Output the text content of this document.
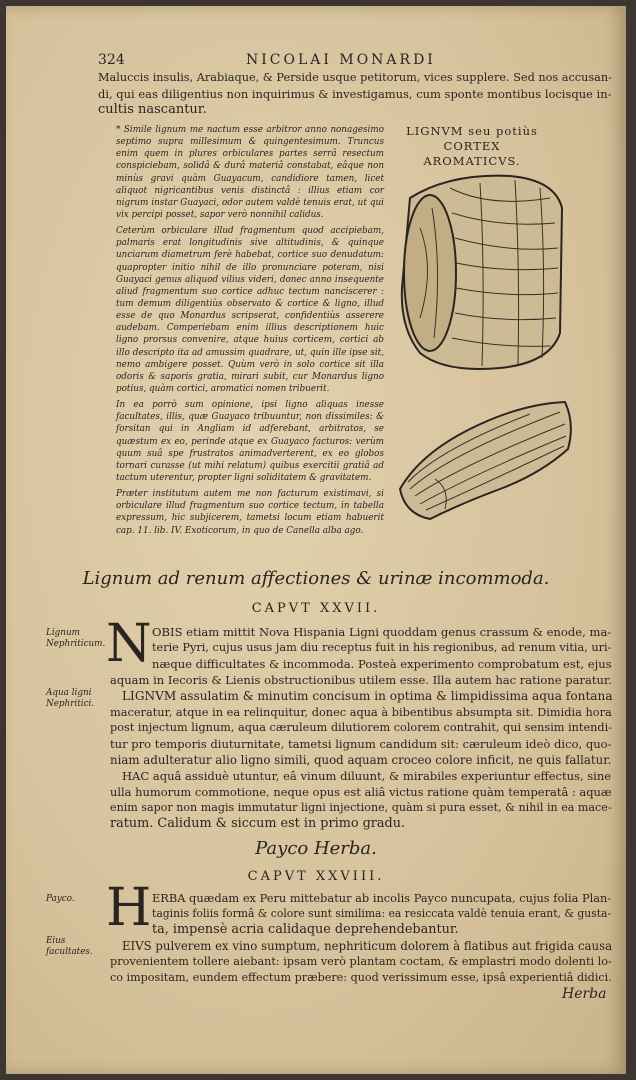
324	NICOLAI MONARDI
Maluccis insulis, Arabiaque, & Perside usque petitorum, vices supplere. Sed nos accusan-
di, qui eas diligentius non inquirimus & investigamus, cum sponte montibus locisque in-
cultis nascantur.

* Simile lignum me nactum esse arbitror anno nonagesimo septimo supra millesimum & quingentesimum. Truncus enim quem in plures orbiculares partes serrâ resectum conspiciebam, solidâ & durâ materiâ constabat, eâque non minùs gravi quàm Guayacum, candidiore tamen, licet aliquot nigricantibus venis distinctâ : illius etiam cor nigrum instar Guayaci, odor autem valdè tenuis erat, ut qui vix percipi posset, sapor verò nonnihil calidus.

Ceterùm orbiculare illud fragmentum quod accipiebam, palmaris erat longitudinis sive altitudinis, & quinque unciarum diametrum ferè habebat, cortice suo denudatum: quapropter initio nihil de illo pronunciare poteram, nisi Guayaci genus aliquod vilius videri, donec anno insequente aliud fragmentum suo cortice adhuc tectum nanciscerer : tum demum diligentiùs observato & cortice & ligno, illud esse de quo Monardus scripserat, confidentiùs asserere audebam. Comperiebam enim illius descriptionem huic ligno prorsus convenire, atque huius corticem, cortici ab illo descripto ita ad amussim quadrare, ut, quin ille ipse sit, nemo ambigere posset. Quùm verò in solo cortice sit illa odoris & saporis gratia, mirari subit, cur Monardus ligno potius, quàm cortici, aromatici nomen tribuerit.

In ea porrò sum opinione, ipsi ligno aliquas inesse facultates, illis, quæ Guayaco tribuuntur, non dissimiles: & forsitan qui in Angliam id adferebant, arbitratos, se quæstum ex eo, perinde atque ex Guayaco facturos: verùm quum suâ spe frustratos animadverterent, ex eo globos tornari curasse (ut mihi relatum) quibus exercitii gratiâ ad tactum uterentur, propter ligni soliditatem & gravitatem.

Præter institutum autem me non facturum existimavi, si orbiculare illud fragmentum suo cortice tectum, in tabella expressum, hic subjicerem, tametsi locum etiam habuerit cap. 11. lib. IV. Exoticorum, in quo de Canella alba ago.

LIGNVM seu potiùs CORTEX
AROMATICVS.
Lignum ad renum affectiones & urinæ incommoda.
CAPVT XXVII.
Lignum Nephriticum.
Aqua ligni Nephritici.
N OBIS etiam mittit Nova Hispania Ligni quoddam genus crassum & enode, ma-
terie Pyri, cujus usus jam diu receptus fuit in his regionibus, ad renum vitia, uri-
næque difficultates & incommoda. Posteà experimento comprobatum est, ejus
aquam in Iecoris & Lienis obstructionibus utilem esse. Illa autem hac ratione paratur.
LIGNVM assulatim & minutim concisum in optima & limpidissima aqua fontana
maceratur, atque in ea relinquitur, donec aqua à bibentibus absumpta sit. Dimidia hora
post injectum lignum, aqua cæruleum dilutiorem colorem contrahit, qui sensim intendi-
tur pro temporis diuturnitate, tametsi lignum candidum sit: cæruleum ideò dico, quo-
niam adulteratur alio ligno simili, quod aquam croceo colore inficit, ne quis fallatur.
HAC aquâ assiduè utuntur, eâ vinum diluunt, & mirabiles experiuntur effectus, sine
ulla humorum commotione, neque opus est aliâ victus ratione quàm temperatâ : aquæ
enim sapor non magis immutatur ligni injectione, quàm si pura esset, & nihil in ea mace-
ratum. Calidum & siccum est in primo gradu.
Payco Herba.
CAPVT XXVIII.
Payco.
Eius facultates.
H ERBA quædam ex Peru mittebatur ab incolis Payco nuncupata, cujus folia Plan-
taginis foliis formâ & colore sunt similima: ea resiccata valdè tenuia erant, & gusta-
ta, impensè acria calidaque deprehendebantur.
EIVS pulverem ex vino sumptum, nephriticum dolorem à flatibus aut frigida causa
provenientem tollere aiebant: ipsam verò plantam coctam, & emplastri modo dolenti lo-
co impositam, eundem effectum præbere: quod verissimum esse, ipsâ experientiâ didici.
Herba
